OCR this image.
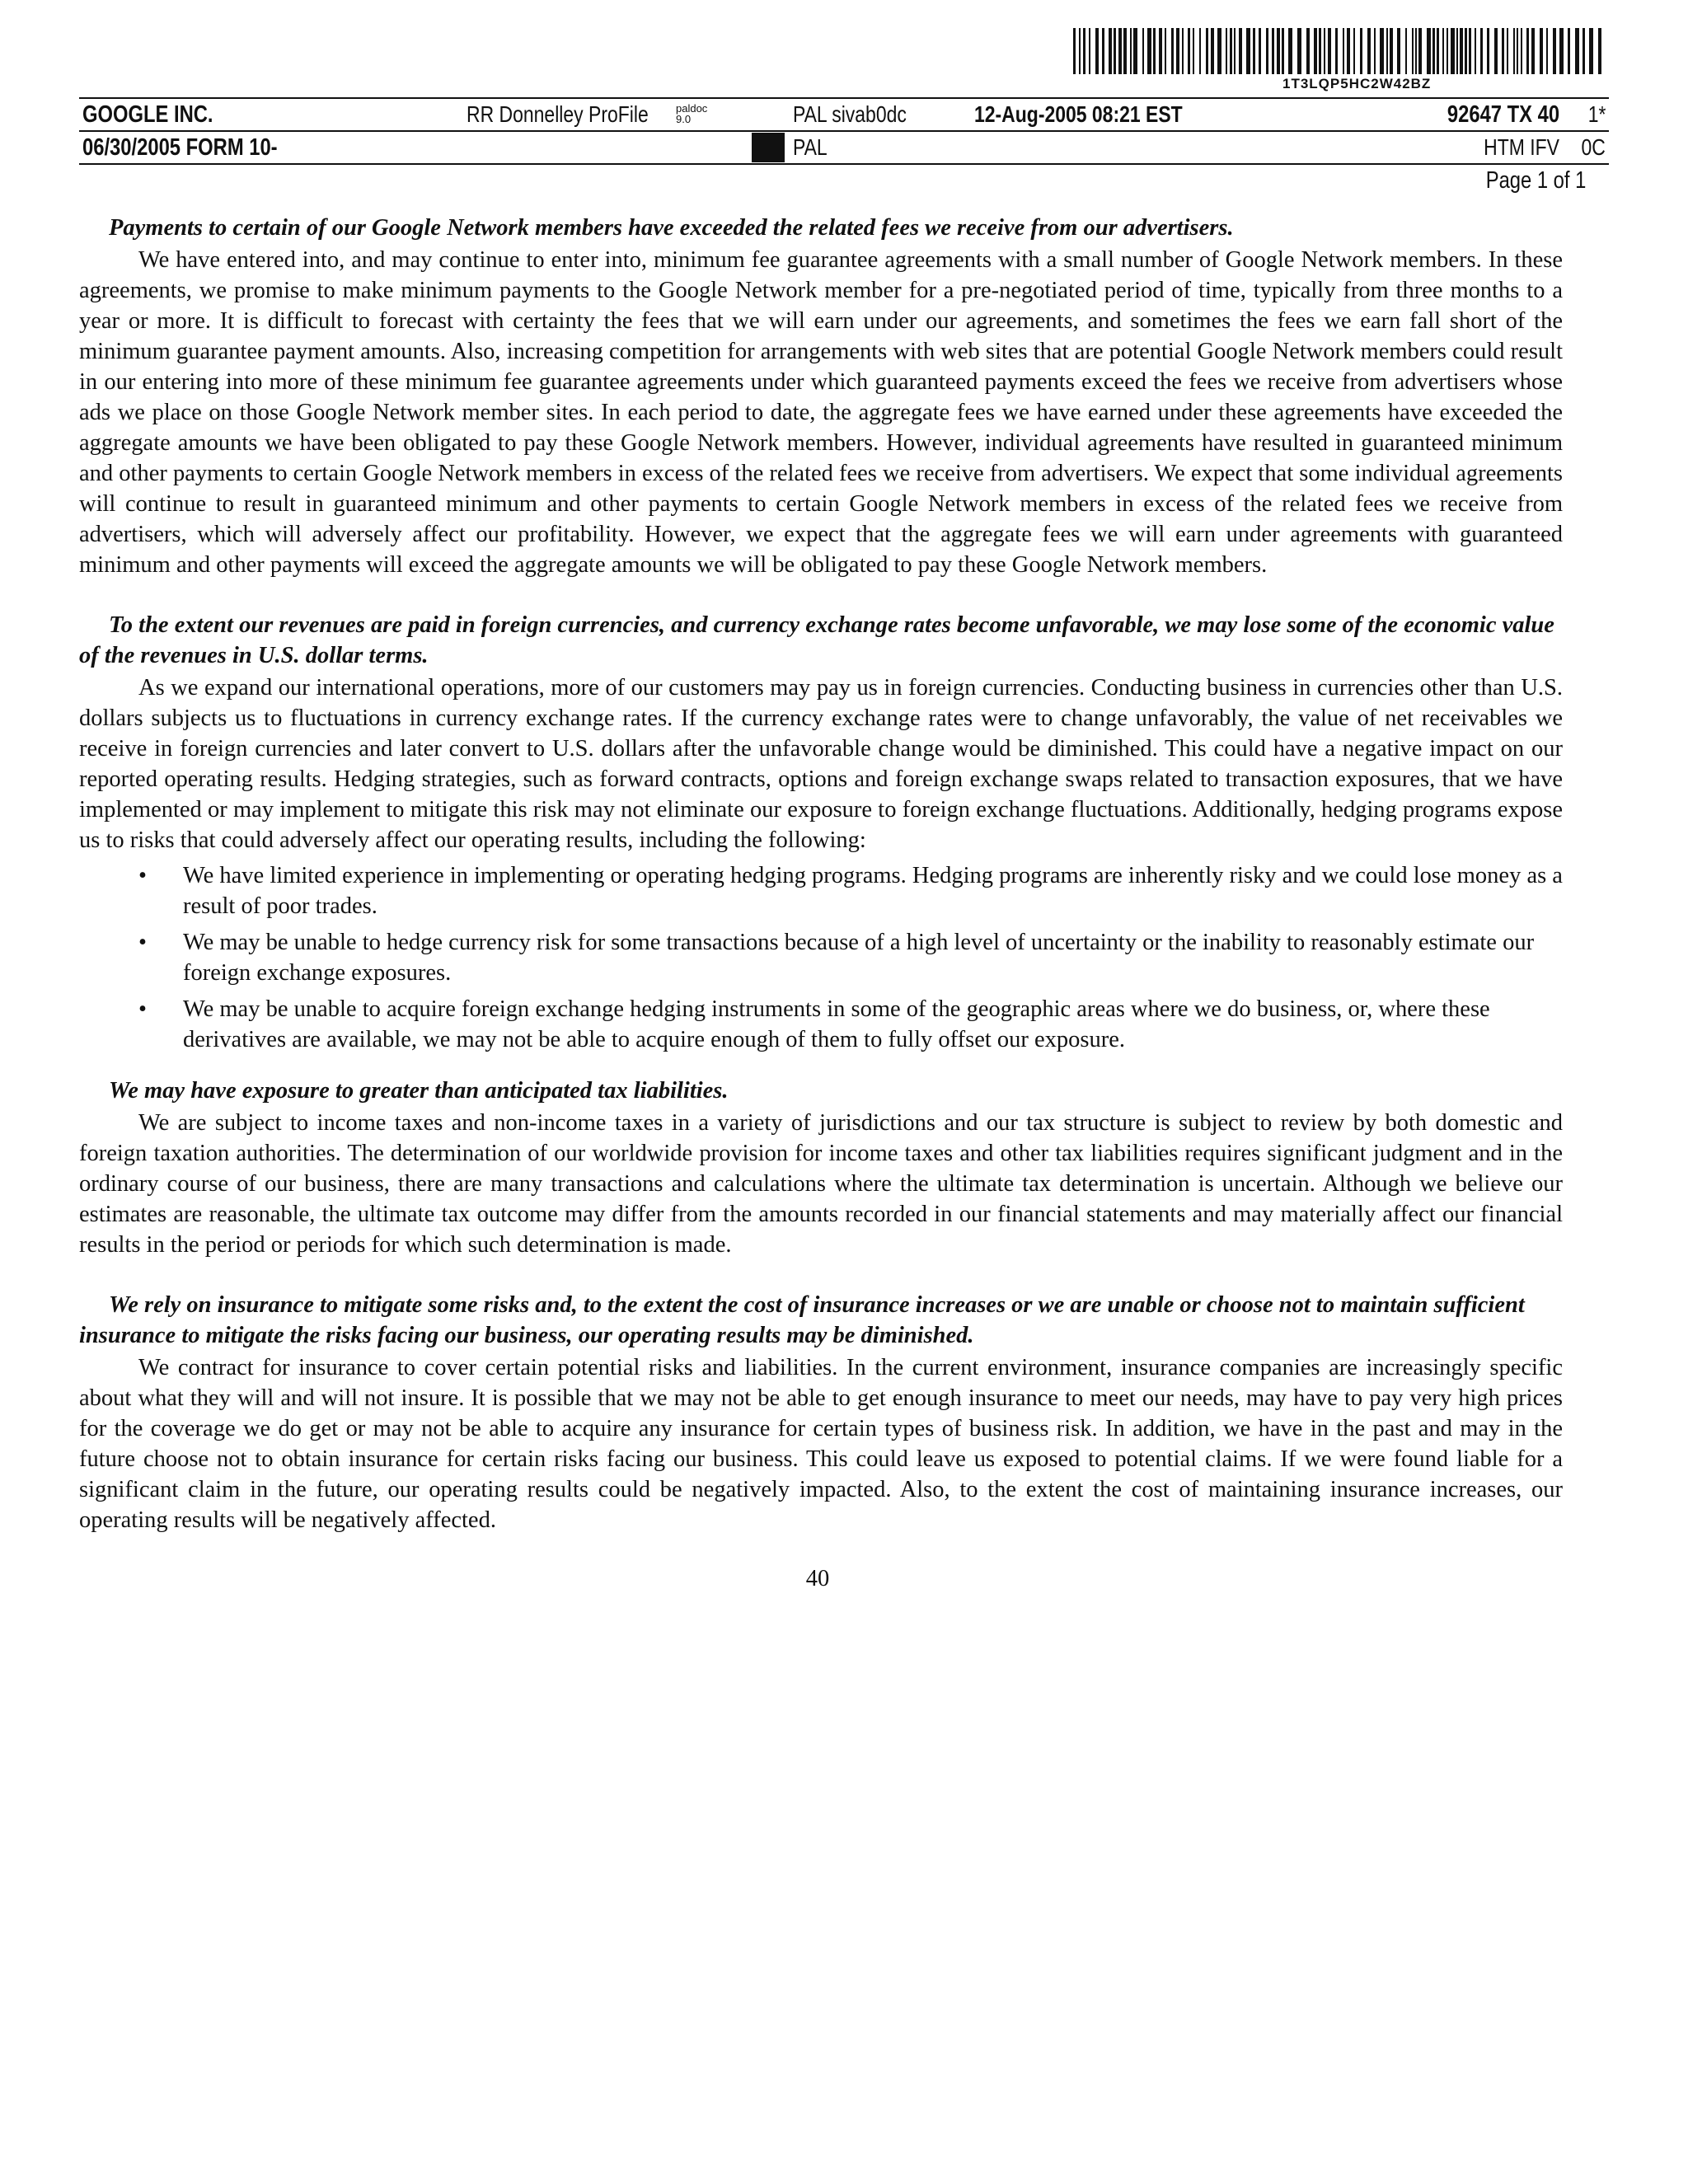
1T3LQP5HC2W42BZ
GOOGLE INC.	RR Donnelley ProFile	paldoc
9.0	PAL sivab0dc	12-Aug-2005 08:21 EST	92647 TX 40 1*
06/30/2005 FORM 10-	PAL	HTM IFV 0C
Page 1 of 1

Payments to certain of our Google Network members have exceeded the related fees we receive from our advertisers.

We have entered into, and may continue to enter into, minimum fee guarantee agreements with a small number of Google Network members. In these agreements, we promise to make minimum payments to the Google Network member for a pre-negotiated period of time, typically from three months to a year or more. It is difficult to forecast with certainty the fees that we will earn under our agreements, and sometimes the fees we earn fall short of the minimum guarantee payment amounts. Also, increasing competition for arrangements with web sites that are potential Google Network members could result in our entering into more of these minimum fee guarantee agreements under which guaranteed payments exceed the fees we receive from advertisers whose ads we place on those Google Network member sites. In each period to date, the aggregate fees we have earned under these agreements have exceeded the aggregate amounts we have been obligated to pay these Google Network members. However, individual agreements have resulted in guaranteed minimum and other payments to certain Google Network members in excess of the related fees we receive from advertisers. We expect that some individual agreements will continue to result in guaranteed minimum and other payments to certain Google Network members in excess of the related fees we receive from advertisers, which will adversely affect our profitability. However, we expect that the aggregate fees we will earn under agreements with guaranteed minimum and other payments will exceed the aggregate amounts we will be obligated to pay these Google Network members.

To the extent our revenues are paid in foreign currencies, and currency exchange rates become unfavorable, we may lose some of the economic value of the revenues in U.S. dollar terms.

As we expand our international operations, more of our customers may pay us in foreign currencies. Conducting business in currencies other than U.S. dollars subjects us to fluctuations in currency exchange rates. If the currency exchange rates were to change unfavorably, the value of net receivables we receive in foreign currencies and later convert to U.S. dollars after the unfavorable change would be diminished. This could have a negative impact on our reported operating results. Hedging strategies, such as forward contracts, options and foreign exchange swaps related to transaction exposures, that we have implemented or may implement to mitigate this risk may not eliminate our exposure to foreign exchange fluctuations. Additionally, hedging programs expose us to risks that could adversely affect our operating results, including the following:

• We have limited experience in implementing or operating hedging programs. Hedging programs are inherently risky and we could lose money as a result of poor trades.
• We may be unable to hedge currency risk for some transactions because of a high level of uncertainty or the inability to reasonably estimate our foreign exchange exposures.
• We may be unable to acquire foreign exchange hedging instruments in some of the geographic areas where we do business, or, where these derivatives are available, we may not be able to acquire enough of them to fully offset our exposure.

We may have exposure to greater than anticipated tax liabilities.

We are subject to income taxes and non-income taxes in a variety of jurisdictions and our tax structure is subject to review by both domestic and foreign taxation authorities. The determination of our worldwide provision for income taxes and other tax liabilities requires significant judgment and in the ordinary course of our business, there are many transactions and calculations where the ultimate tax determination is uncertain. Although we believe our estimates are reasonable, the ultimate tax outcome may differ from the amounts recorded in our financial statements and may materially affect our financial results in the period or periods for which such determination is made.

We rely on insurance to mitigate some risks and, to the extent the cost of insurance increases or we are unable or choose not to maintain sufficient insurance to mitigate the risks facing our business, our operating results may be diminished.

We contract for insurance to cover certain potential risks and liabilities. In the current environment, insurance companies are increasingly specific about what they will and will not insure. It is possible that we may not be able to get enough insurance to meet our needs, may have to pay very high prices for the coverage we do get or may not be able to acquire any insurance for certain types of business risk. In addition, we have in the past and may in the future choose not to obtain insurance for certain risks facing our business. This could leave us exposed to potential claims. If we were found liable for a significant claim in the future, our operating results could be negatively impacted. Also, to the extent the cost of maintaining insurance increases, our operating results will be negatively affected.

40
